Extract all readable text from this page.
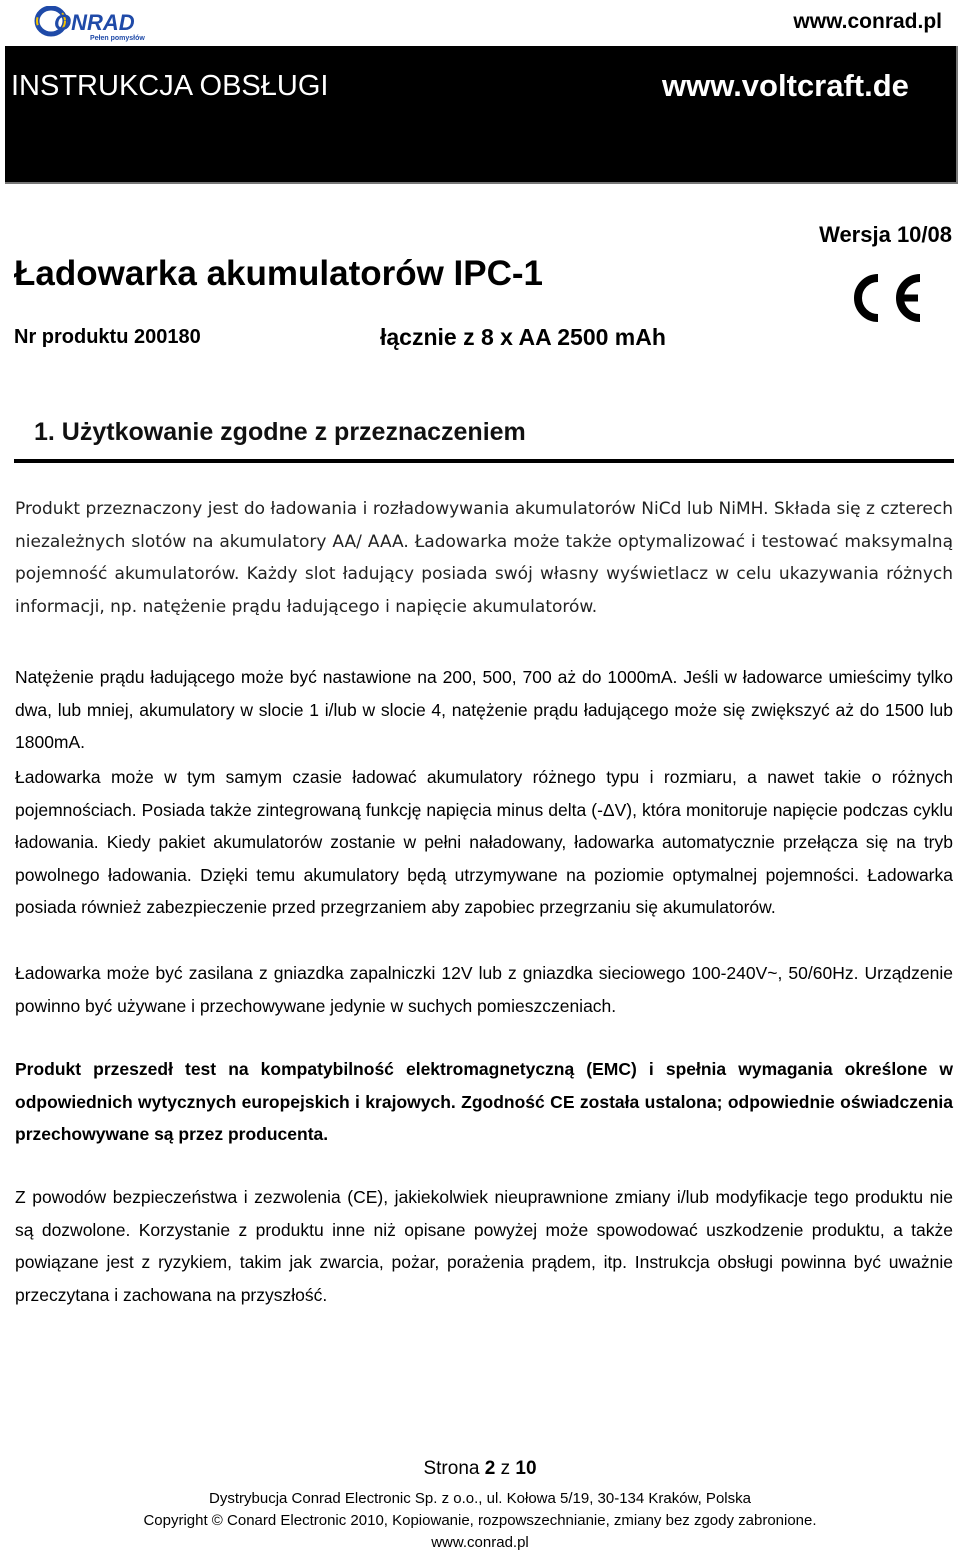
ONRAD
Pełen pomysłów
www.conrad.pl
INSTRUKCJA OBSŁUGI	www.voltcraft.de
Wersja 10/08
Ładowarka akumulatorów IPC-1
Nr produktu 200180	łącznie z 8 x AA 2500 mAh
1. Użytkowanie zgodne z przeznaczeniem

Produkt przeznaczony jest do ładowania i rozładowywania akumulatorów NiCd lub NiMH. Składa się z czterech niezależnych slotów na akumulatory AA/ AAA. Ładowarka może także optymalizować i testować maksymalną pojemność akumulatorów. Każdy slot ładujący posiada swój własny wyświetlacz w celu ukazywania różnych informacji, np. natężenie prądu ładującego i napięcie akumulatorów.

Natężenie prądu ładującego może być nastawione na 200, 500, 700 aż do 1000mA. Jeśli w ładowarce umieścimy tylko dwa, lub mniej, akumulatory w slocie 1 i/lub w slocie 4, natężenie prądu ładującego może się zwiększyć aż do 1500 lub 1800mA.

Ładowarka może w tym samym czasie ładować akumulatory różnego typu i rozmiaru, a nawet takie o różnych pojemnościach. Posiada także zintegrowaną funkcję napięcia minus delta (-ΔV), która monitoruje napięcie podczas cyklu ładowania. Kiedy pakiet akumulatorów zostanie w pełni naładowany, ładowarka automatycznie przełącza się na tryb powolnego ładowania. Dzięki temu akumulatory będą utrzymywane na poziomie optymalnej pojemności. Ładowarka posiada również zabezpieczenie przed przegrzaniem aby zapobiec przegrzaniu się akumulatorów.

Ładowarka może być zasilana z gniazdka zapalniczki 12V lub z gniazdka sieciowego 100-240V~, 50/60Hz. Urządzenie powinno być używane i przechowywane jedynie w suchych pomieszczeniach.

Produkt przeszedł test na kompatybilność elektromagnetyczną (EMC) i spełnia wymagania określone w odpowiednich wytycznych europejskich i krajowych. Zgodność CE została ustalona; odpowiednie oświadczenia przechowywane są przez producenta.

Z powodów bezpieczeństwa i zezwolenia (CE), jakiekolwiek nieuprawnione zmiany i/lub modyfikacje tego produktu nie są dozwolone. Korzystanie z produktu inne niż opisane powyżej może spowodować uszkodzenie produktu, a także powiązane jest z ryzykiem, takim jak zwarcia, pożar, porażenia prądem, itp. Instrukcja obsługi powinna być uważnie przeczytana i zachowana na przyszłość.

Strona 2 z 10
Dystrybucja Conrad Electronic Sp. z o.o., ul. Kołowa 5/19, 30-134 Kraków, Polska
Copyright © Conard Electronic 2010, Kopiowanie, rozpowszechnianie, zmiany bez zgody zabronione.
www.conrad.pl
